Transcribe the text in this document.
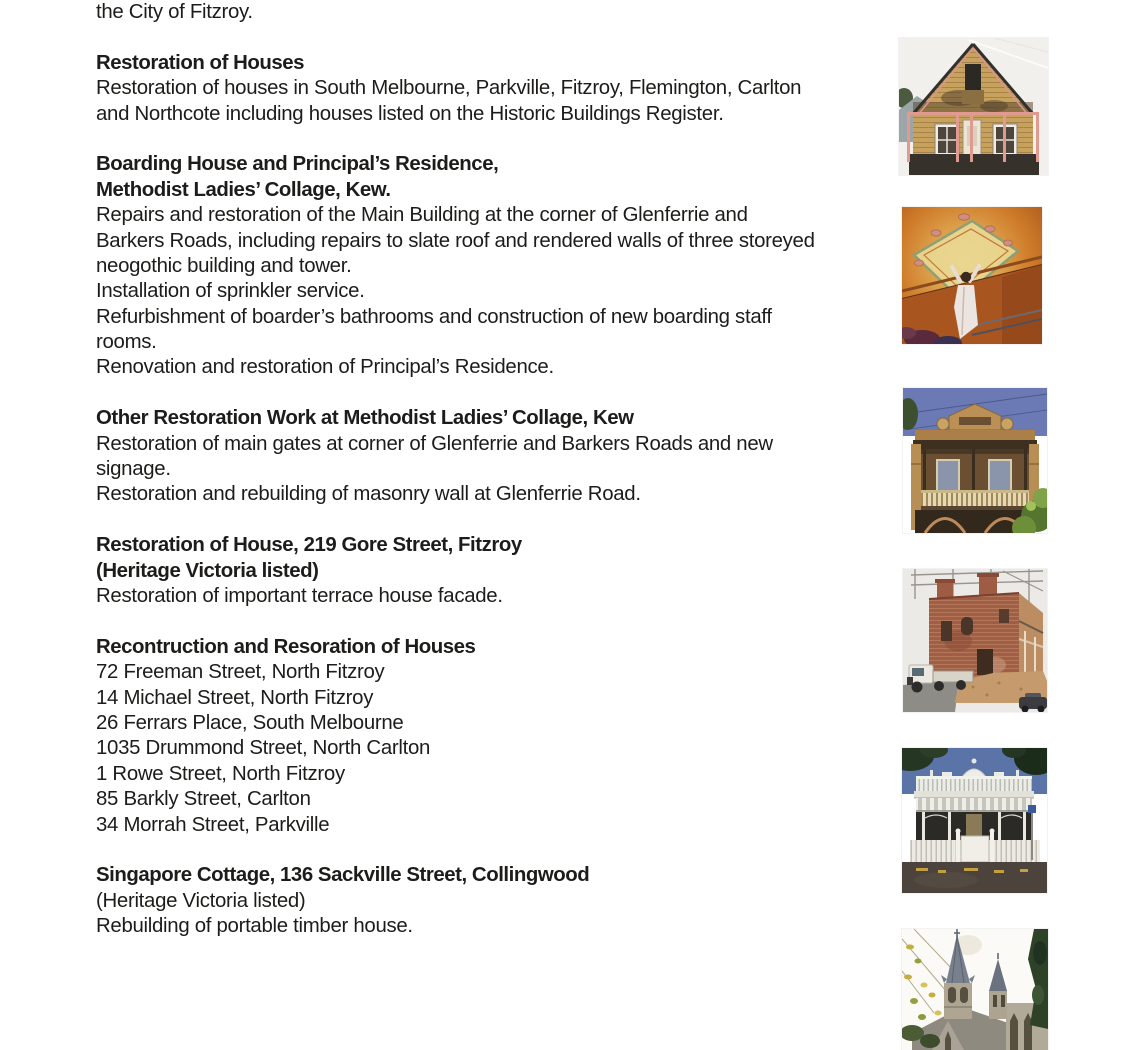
the City of Fitzroy.
Restoration of Houses
Restoration of houses in South Melbourne, Parkville, Fitzroy, Flemington, Carlton
and Northcote including houses listed on the Historic Buildings Register.
Boarding House and Principal’s Residence,
Methodist Ladies’ Collage, Kew.
Repairs and restoration of the Main Building at the corner of Glenferrie and
Barkers Roads, including repairs to slate roof and rendered walls of three storeyed
neogothic building and tower.
Installation of sprinkler service.
Refurbishment of boarder’s bathrooms and construction of new boarding staff
rooms.
Renovation and restoration of Principal’s Residence.
Other Restoration Work at Methodist Ladies’ Collage, Kew
Restoration of main gates at corner of Glenferrie and Barkers Roads and new
signage.
Restoration and rebuilding of masonry wall at Glenferrie Road.
Restoration of House, 219 Gore Street, Fitzroy
(Heritage Victoria listed)
Restoration of important terrace house facade.
Recontruction and Resoration of Houses
72 Freeman Street, North Fitzroy
14 Michael Street, North Fitzroy
26 Ferrars Place, South Melbourne
1035 Drummond Street, North Carlton
1 Rowe Street, North Fitzroy
85 Barkly Street, Carlton
34 Morrah Street, Parkville
Singapore Cottage, 136 Sackville Street, Collingwood
(Heritage Victoria listed)
Rebuilding of portable timber house.
